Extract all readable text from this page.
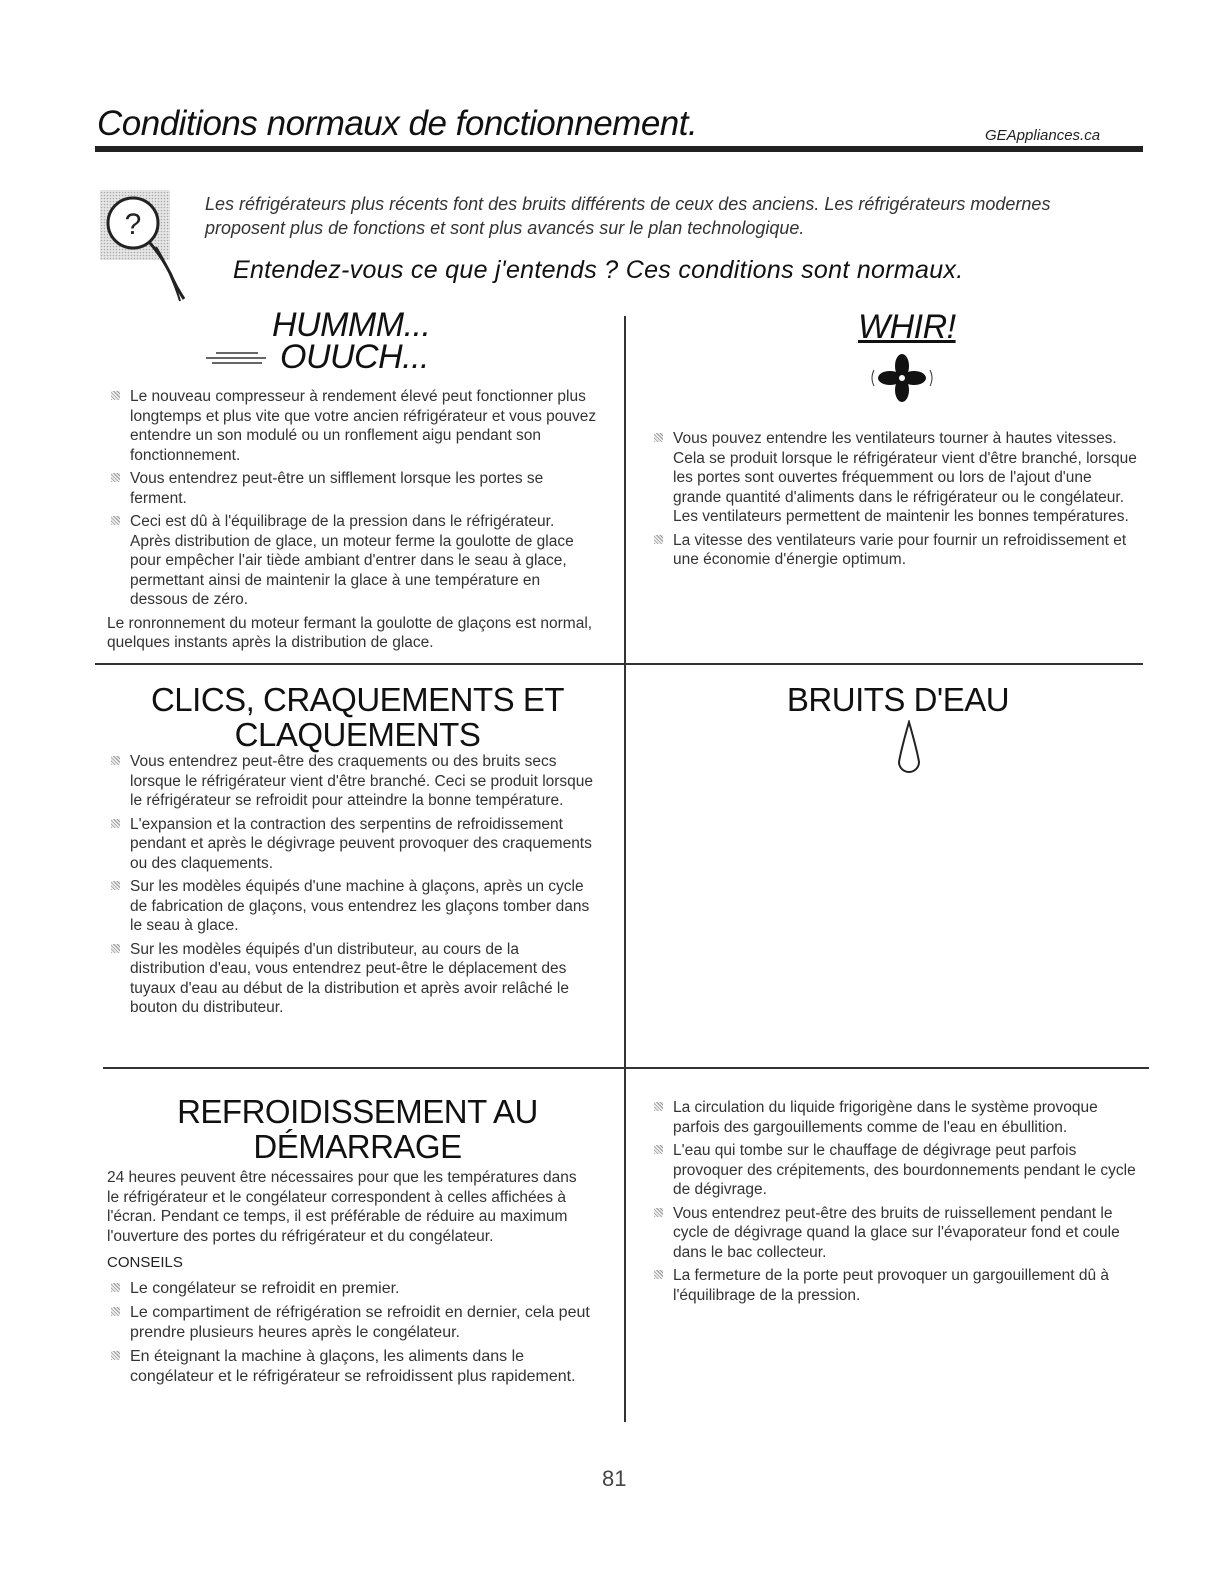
Conditions normaux de fonctionnement.	GEAppliances.ca
?
Les réfrigérateurs plus récents font des bruits différents de ceux des anciens. Les réfrigérateurs modernes proposent plus de fonctions et sont plus avancés sur le plan technologique.
Entendez-vous ce que j'entends ? Ces conditions sont normaux.
HUMMM...
OUUCH...
Le nouveau compresseur à rendement élevé peut fonctionner plus longtemps et plus vite que votre ancien réfrigérateur et vous pouvez entendre un son modulé ou un ronflement aigu pendant son fonctionnement.
Vous entendrez peut-être un sifflement lorsque les portes se ferment.
Ceci est dû à l'équilibrage de la pression dans le réfrigérateur. Après distribution de glace, un moteur ferme la goulotte de glace pour empêcher l'air tiède ambiant d'entrer dans le seau à glace, permettant ainsi de maintenir la glace à une température en dessous de zéro.

Le ronronnement du moteur fermant la goulotte de glaçons est normal, quelques instants après la distribution de glace.

WHIR!
Vous pouvez entendre les ventilateurs tourner à hautes vitesses. Cela se produit lorsque le réfrigérateur vient d'être branché, lorsque les portes sont ouvertes fréquemment ou lors de l'ajout d'une grande quantité d'aliments dans le réfrigérateur ou le congélateur. Les ventilateurs permettent de maintenir les bonnes températures.
La vitesse des ventilateurs varie pour fournir un refroidissement et une économie d'énergie optimum.
CLICS, CRAQUEMENTS ET CLAQUEMENTS
Vous entendrez peut-être des craquements ou des bruits secs lorsque le réfrigérateur vient d'être branché. Ceci se produit lorsque le réfrigérateur se refroidit pour atteindre la bonne température.
L'expansion et la contraction des serpentins de refroidissement pendant et après le dégivrage peuvent provoquer des craquements ou des claquements.
Sur les modèles équipés d'une machine à glaçons, après un cycle de fabrication de glaçons, vous entendrez les glaçons tomber dans le seau à glace.
Sur les modèles équipés d'un distributeur, au cours de la distribution d'eau, vous entendrez peut-être le déplacement des tuyaux d'eau au début de la distribution et après avoir relâché le bouton du distributeur.
BRUITS D'EAU
La circulation du liquide frigorigène dans le système provoque parfois des gargouillements comme de l'eau en ébullition.
L'eau qui tombe sur le chauffage de dégivrage peut parfois provoquer des crépitements, des bourdonnements pendant le cycle de dégivrage.
Vous entendrez peut-être des bruits de ruissellement pendant le cycle de dégivrage quand la glace sur l'évaporateur fond et coule dans le bac collecteur.
La fermeture de la porte peut provoquer un gargouillement dû à l'équilibrage de la pression.
REFROIDISSEMENT AU DÉMARRAGE

24 heures peuvent être nécessaires pour que les températures dans le réfrigérateur et le congélateur correspondent à celles affichées à l'écran. Pendant ce temps, il est préférable de réduire au maximum l'ouverture des portes du réfrigérateur et du congélateur.

CONSEILS
Le congélateur se refroidit en premier.
Le compartiment de réfrigération se refroidit en dernier, cela peut prendre plusieurs heures après le congélateur.
En éteignant la machine à glaçons, les aliments dans le congélateur et le réfrigérateur se refroidissent plus rapidement.
81
